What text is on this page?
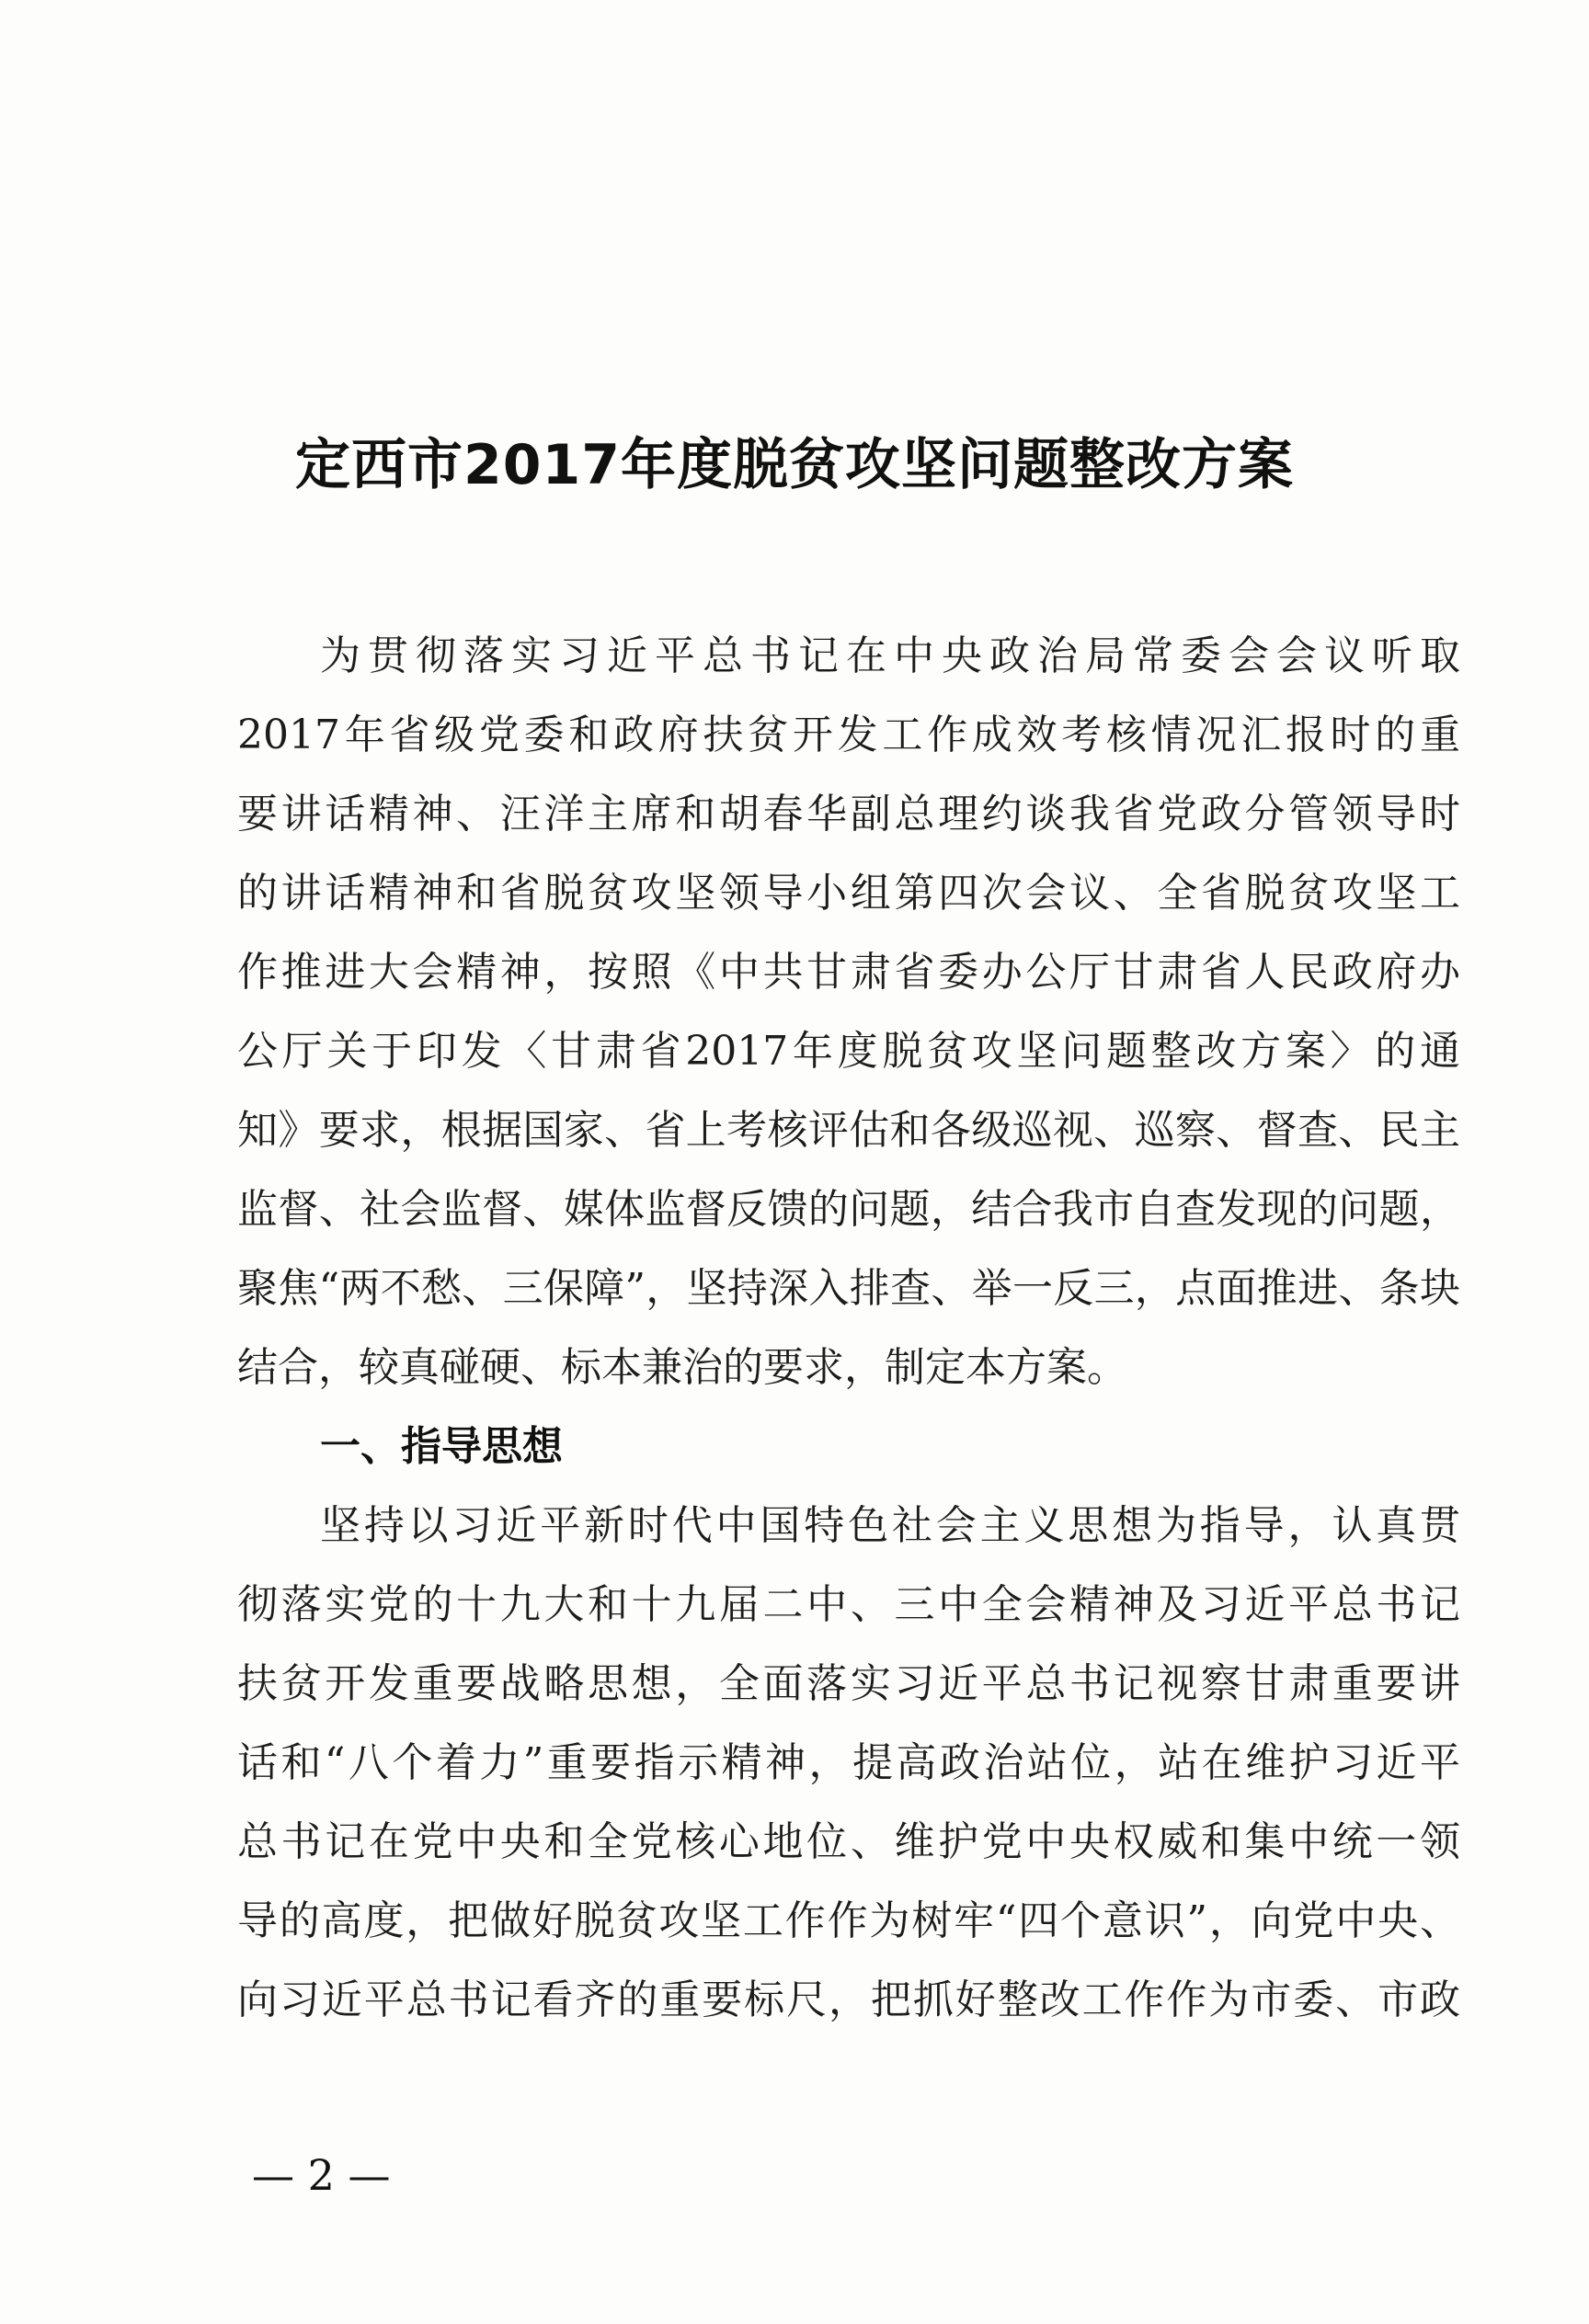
定西市2017年度脱贫攻坚问题整改方案
为贯彻落实习近平总书记在中央政治局常委会会议听取
2017年省级党委和政府扶贫开发工作成效考核情况汇报时的重
要讲话精神、汪洋主席和胡春华副总理约谈我省党政分管领导时
的讲话精神和省脱贫攻坚领导小组第四次会议、全省脱贫攻坚工
作推进大会精神，按照《中共甘肃省委办公厅甘肃省人民政府办
公厅关于印发〈甘肃省2017年度脱贫攻坚问题整改方案〉的通
知》要求，根据国家、省上考核评估和各级巡视、巡察、督查、民主
监督、社会监督、媒体监督反馈的问题，结合我市自查发现的问题，
聚焦“两不愁、三保障”，坚持深入排查、举一反三，点面推进、条块
结合，较真碰硬、标本兼治的要求，制定本方案。
一、指导思想
坚持以习近平新时代中国特色社会主义思想为指导，认真贯
彻落实党的十九大和十九届二中、三中全会精神及习近平总书记
扶贫开发重要战略思想，全面落实习近平总书记视察甘肃重要讲
话和“八个着力”重要指示精神，提高政治站位，站在维护习近平
总书记在党中央和全党核心地位、维护党中央权威和集中统一领
导的高度，把做好脱贫攻坚工作作为树牢“四个意识”，向党中央、
向习近平总书记看齐的重要标尺，把抓好整改工作作为市委、市政
— 2 —
